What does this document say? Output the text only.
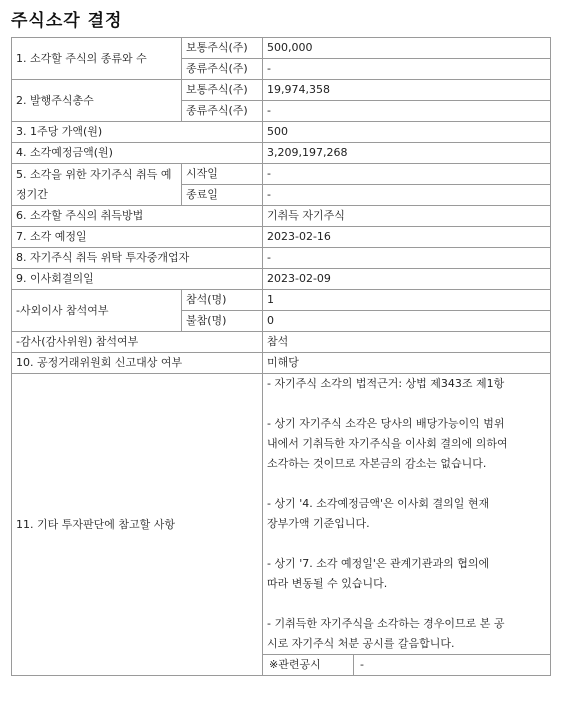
주식소각 결정
1. 소각할 주식의 종류와 수	보통주식(주)	500,000
종류주식(주)	-
2. 발행주식총수	보통주식(주)	19,974,358
종류주식(주)	-
3. 1주당 가액(원)	500
4. 소각예정금액(원)	3,209,197,268
5. 소각을 위한 자기주식 취득 예정기간	시작일	-
종료일	-
6. 소각할 주식의 취득방법	기취득 자기주식
7. 소각 예정일	2023-02-16
8. 자기주식 취득 위탁 투자중개업자	-
9. 이사회결의일	2023-02-09
-사외이사 참석여부	참석(명)	1
불참(명)	0
-감사(감사위원) 참석여부	참석
10. 공정거래위원회 신고대상 여부	미해당
11. 기타 투자판단에 참고할 사항	

- 자기주식 소각의 법적근거: 상법 제343조 제1항

- 상기 자기주식 소각은 당사의 배당가능이익 범위
내에서 기취득한 자기주식을 이사회 결의에 의하여
소각하는 것이므로 자본금의 감소는 없습니다.

- 상기 '4. 소각예정금액'은 이사회 결의일 현재
장부가액 기준입니다.

- 상기 '7. 소각 예정일'은 관계기관과의 협의에
따라 변동될 수 있습니다.

- 기취득한 자기주식을 소각하는 경우이므로 본 공
시로 자기주식 처분 공시를 갈음합니다.

※관련공시	-
